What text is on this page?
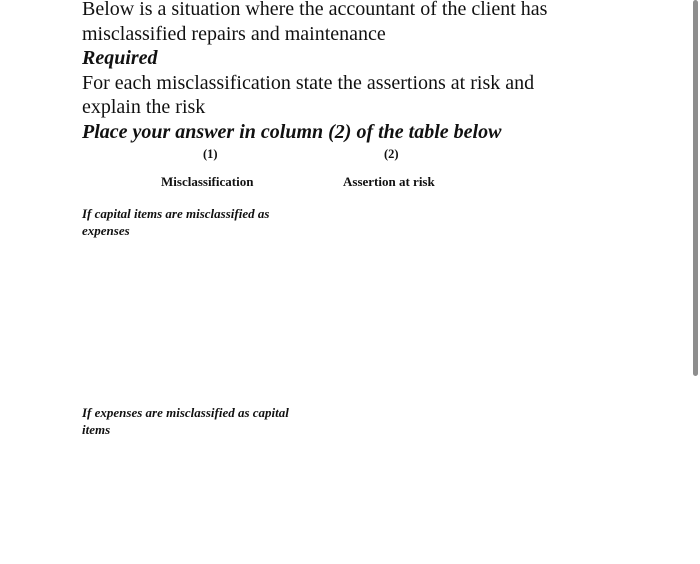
Below is a situation where the accountant of the client has
misclassified repairs and maintenance
Required
For each misclassification state the assertions at risk and
explain the risk
Place your answer in column (2) of the table below
(1)	(2)
Misclassification	Assertion at risk
If capital items are misclassified as
expenses
If expenses are misclassified as capital
items
